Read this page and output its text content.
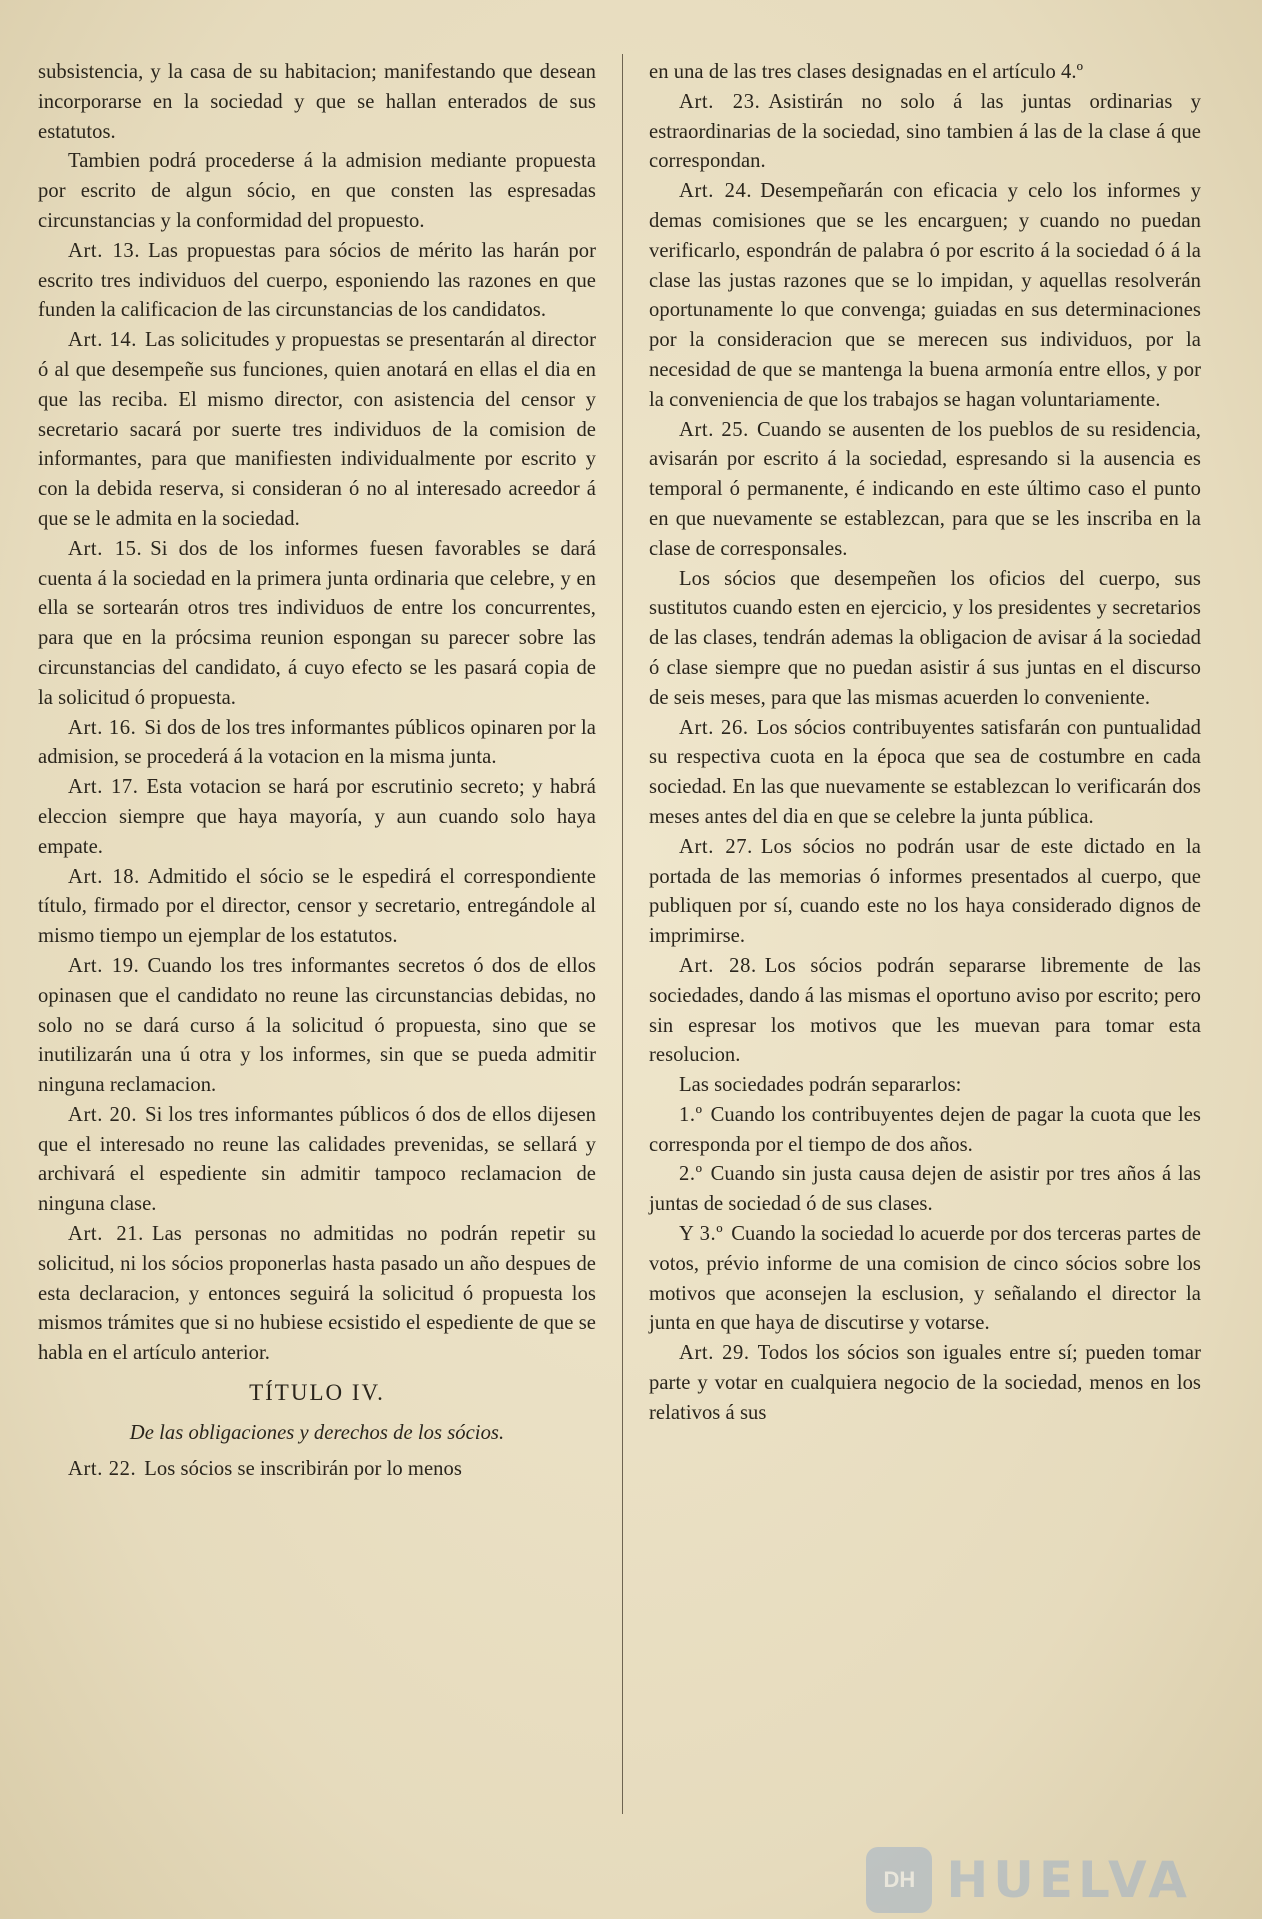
subsistencia, y la casa de su habitacion; manifestando que desean incorporarse en la sociedad y que se hallan enterados de sus estatutos.

Tambien podrá procederse á la admision mediante propuesta por escrito de algun sócio, en que consten las espresadas circunstancias y la conformidad del propuesto.

Art. 13. Las propuestas para sócios de mérito las harán por escrito tres individuos del cuerpo, esponiendo las razones en que funden la calificacion de las circunstancias de los candidatos.

Art. 14. Las solicitudes y propuestas se presentarán al director ó al que desempeñe sus funciones, quien anotará en ellas el dia en que las reciba. El mismo director, con asistencia del censor y secretario sacará por suerte tres individuos de la comision de informantes, para que manifiesten individualmente por escrito y con la debida reserva, si consideran ó no al interesado acreedor á que se le admita en la sociedad.

Art. 15. Si dos de los informes fuesen favorables se dará cuenta á la sociedad en la primera junta ordinaria que celebre, y en ella se sortearán otros tres individuos de entre los concurrentes, para que en la prócsima reunion espongan su parecer sobre las circunstancias del candidato, á cuyo efecto se les pasará copia de la solicitud ó propuesta.

Art. 16. Si dos de los tres informantes públicos opinaren por la admision, se procederá á la votacion en la misma junta.

Art. 17. Esta votacion se hará por escrutinio secreto; y habrá eleccion siempre que haya mayoría, y aun cuando solo haya empate.

Art. 18. Admitido el sócio se le espedirá el correspondiente título, firmado por el director, censor y secretario, entregándole al mismo tiempo un ejemplar de los estatutos.

Art. 19. Cuando los tres informantes secretos ó dos de ellos opinasen que el candidato no reune las circunstancias debidas, no solo no se dará curso á la solicitud ó propuesta, sino que se inutilizarán una ú otra y los informes, sin que se pueda admitir ninguna reclamacion.

Art. 20. Si los tres informantes públicos ó dos de ellos dijesen que el interesado no reune las calidades prevenidas, se sellará y archivará el espediente sin admitir tampoco reclamacion de ninguna clase.

Art. 21. Las personas no admitidas no podrán repetir su solicitud, ni los sócios proponerlas hasta pasado un año despues de esta declaracion, y entonces seguirá la solicitud ó propuesta los mismos trámites que si no hubiese ecsistido el espediente de que se habla en el artículo anterior.

TÍTULO IV.
De las obligaciones y derechos de los sócios.

Art. 22. Los sócios se inscribirán por lo menos

en una de las tres clases designadas en el artículo 4.º

Art. 23. Asistirán no solo á las juntas ordinarias y estraordinarias de la sociedad, sino tambien á las de la clase á que correspondan.

Art. 24. Desempeñarán con eficacia y celo los informes y demas comisiones que se les encarguen; y cuando no puedan verificarlo, espondrán de palabra ó por escrito á la sociedad ó á la clase las justas razones que se lo impidan, y aquellas resolverán oportunamente lo que convenga; guiadas en sus determinaciones por la consideracion que se merecen sus individuos, por la necesidad de que se mantenga la buena armonía entre ellos, y por la conveniencia de que los trabajos se hagan voluntariamente.

Art. 25. Cuando se ausenten de los pueblos de su residencia, avisarán por escrito á la sociedad, espresando si la ausencia es temporal ó permanente, é indicando en este último caso el punto en que nuevamente se establezcan, para que se les inscriba en la clase de corresponsales.

Los sócios que desempeñen los oficios del cuerpo, sus sustitutos cuando esten en ejercicio, y los presidentes y secretarios de las clases, tendrán ademas la obligacion de avisar á la sociedad ó clase siempre que no puedan asistir á sus juntas en el discurso de seis meses, para que las mismas acuerden lo conveniente.

Art. 26. Los sócios contribuyentes satisfarán con puntualidad su respectiva cuota en la época que sea de costumbre en cada sociedad. En las que nuevamente se establezcan lo verificarán dos meses antes del dia en que se celebre la junta pública.

Art. 27. Los sócios no podrán usar de este dictado en la portada de las memorias ó informes presentados al cuerpo, que publiquen por sí, cuando este no los haya considerado dignos de imprimirse.

Art. 28. Los sócios podrán separarse libremente de las sociedades, dando á las mismas el oportuno aviso por escrito; pero sin espresar los motivos que les muevan para tomar esta resolucion.

Las sociedades podrán separarlos:

1.º Cuando los contribuyentes dejen de pagar la cuota que les corresponda por el tiempo de dos años.

2.º Cuando sin justa causa dejen de asistir por tres años á las juntas de sociedad ó de sus clases.

Y 3.º Cuando la sociedad lo acuerde por dos terceras partes de votos, prévio informe de una comision de cinco sócios sobre los motivos que aconsejen la esclusion, y señalando el director la junta en que haya de discutirse y votarse.

Art. 29. Todos los sócios son iguales entre sí; pueden tomar parte y votar en cualquiera negocio de la sociedad, menos en los relativos á sus

DH HUELVA
